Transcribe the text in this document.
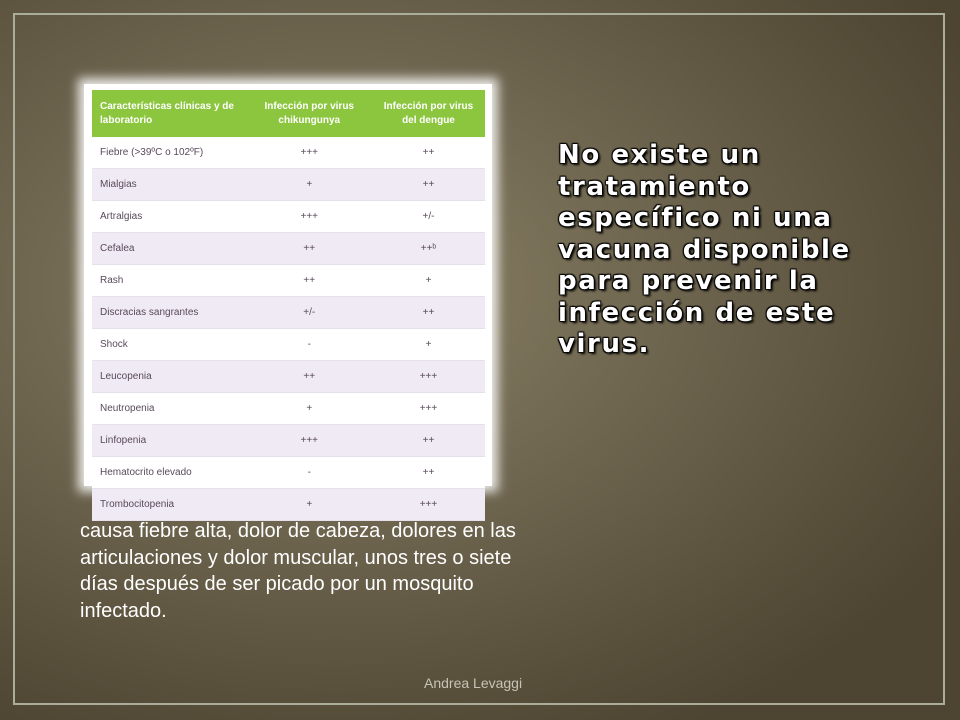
Características clínicas y de laboratorio	Infección por virus chikungunya	Infección por virus del dengue
Fiebre (>39ºC o 102ºF)	+++	++
Mialgias	+	++
Artralgias	+++	+/-
Cefalea	++	++ᵇ
Rash	++	+
Discracias sangrantes	+/-	++
Shock	-	+
Leucopenia	++	+++
Neutropenia	+	+++
Linfopenia	+++	++
Hematocrito elevado	-	++
Trombocitopenia	+	+++
No existe un tratamiento específico ni una vacuna disponible para prevenir la infección de este virus.
causa fiebre alta, dolor de cabeza, dolores en las articulaciones y dolor muscular, unos tres o siete días después de ser picado por un mosquito infectado.
Andrea Levaggi
